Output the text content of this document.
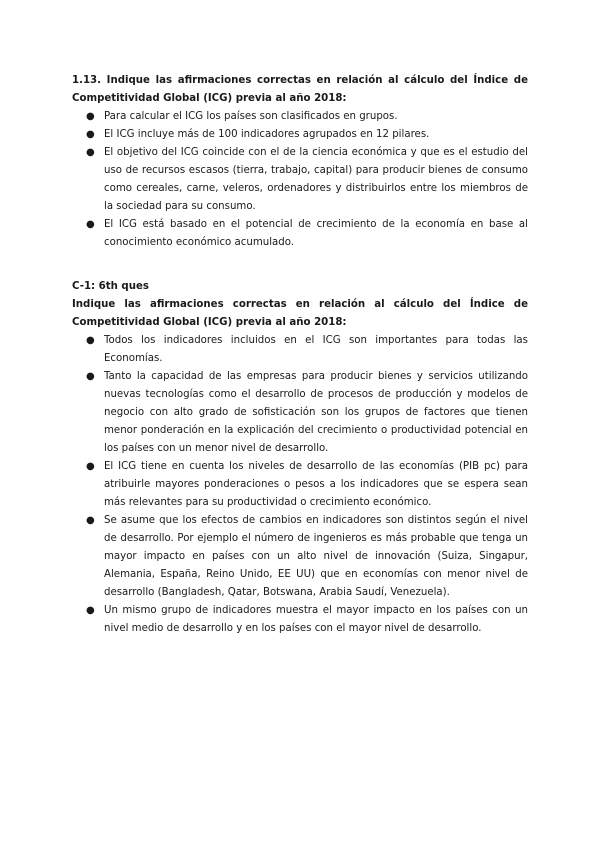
1.13. Indique las afirmaciones correctas en relación al cálculo del Índice de Competitividad Global (ICG) previa al año 2018:

● Para calcular el ICG los países son clasificados en grupos.
● El ICG incluye más de 100 indicadores agrupados en 12 pilares.
● El objetivo del ICG coincide con el de la ciencia económica y que es el estudio del uso de recursos escasos (tierra, trabajo, capital) para producir bienes de consumo como cereales, carne, veleros, ordenadores y distribuirlos entre los miembros de la sociedad para su consumo.
● El ICG está basado en el potencial de crecimiento de la economía en base al conocimiento económico acumulado.

C-1: 6th ques

Indique las afirmaciones correctas en relación al cálculo del Índice de Competitividad Global (ICG) previa al año 2018:

● Todos los indicadores incluidos en el ICG son importantes para todas las Economías.
● Tanto la capacidad de las empresas para producir bienes y servicios utilizando nuevas tecnologías como el desarrollo de procesos de producción y modelos de negocio con alto grado de sofisticación son los grupos de factores que tienen menor ponderación en la explicación del crecimiento o productividad potencial en los países con un menor nivel de desarrollo.
● El ICG tiene en cuenta los niveles de desarrollo de las economías (PIB pc) para atribuirle mayores ponderaciones o pesos a los indicadores que se espera sean más relevantes para su productividad o crecimiento económico.
● Se asume que los efectos de cambios en indicadores son distintos según el nivel de desarrollo. Por ejemplo el número de ingenieros es más probable que tenga un mayor impacto en países con un alto nivel de innovación (Suiza, Singapur, Alemania, España, Reino Unido, EE UU) que en economías con menor nivel de desarrollo (Bangladesh, Qatar, Botswana, Arabia Saudí, Venezuela).
● Un mismo grupo de indicadores muestra el mayor impacto en los países con un nivel medio de desarrollo y en los países con el mayor nivel de desarrollo.
